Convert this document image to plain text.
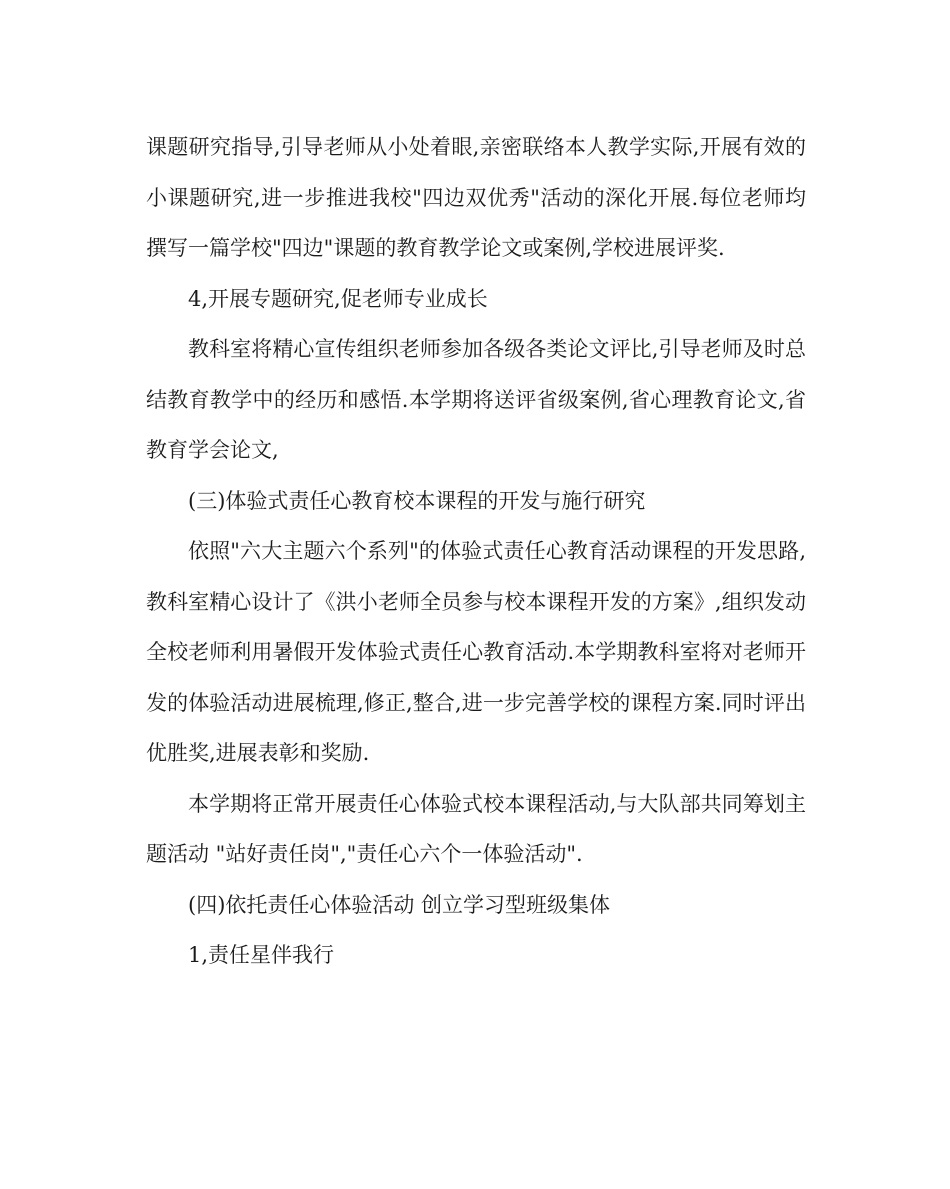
课题研究指导,引导老师从小处着眼,亲密联络本人教学实际,开展有效的小课题研究,进一步推进我校"四边双优秀"活动的深化开展.每位老师均撰写一篇学校"四边"课题的教育教学论文或案例,学校进展评奖.

4,开展专题研究,促老师专业成长

教科室将精心宣传组织老师参加各级各类论文评比,引导老师及时总结教育教学中的经历和感悟.本学期将送评省级案例,省心理教育论文,省教育学会论文,

(三)体验式责任心教育校本课程的开发与施行研究

依照"六大主题六个系列"的体验式责任心教育活动课程的开发思路,教科室精心设计了《洪小老师全员参与校本课程开发的方案》,组织发动全校老师利用暑假开发体验式责任心教育活动.本学期教科室将对老师开发的体验活动进展梳理,修正,整合,进一步完善学校的课程方案.同时评出优胜奖,进展表彰和奖励.

本学期将正常开展责任心体验式校本课程活动,与大队部共同筹划主题活动 "站好责任岗","责任心六个一体验活动".

(四)依托责任心体验活动 创立学习型班级集体

1,责任星伴我行
